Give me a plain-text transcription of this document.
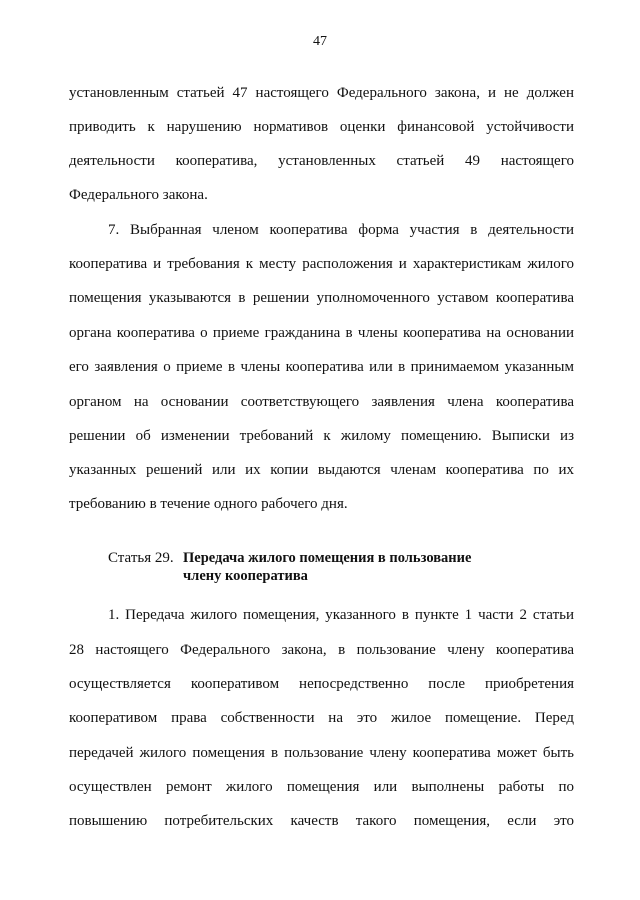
47
установленным статьей 47 настоящего Федерального закона, и не должен
приводить к нарушению нормативов оценки финансовой устойчивости
деятельности кооператива, установленных статьей 49 настоящего
Федерального закона.
7. Выбранная членом кооператива форма участия в деятельности
кооператива и требования к месту расположения и характеристикам жилого
помещения указываются в решении уполномоченного уставом кооператива
органа кооператива о приеме гражданина в члены кооператива на основании
его заявления о приеме в члены кооператива или в принимаемом указанным
органом на основании соответствующего заявления члена кооператива
решении об изменении требований к жилому помещению. Выписки из
указанных решений или их копии выдаются членам кооператива по их
требованию в течение одного рабочего дня.
Статья 29. Передача жилого помещения в пользование
члену кооператива
1. Передача жилого помещения, указанного в пункте 1 части 2 статьи
28 настоящего Федерального закона, в пользование члену кооператива
осуществляется кооперативом непосредственно после приобретения
кооперативом права собственности на это жилое помещение. Перед
передачей жилого помещения в пользование члену кооператива может быть
осуществлен ремонт жилого помещения или выполнены работы по
повышению потребительских качеств такого помещения, если это
